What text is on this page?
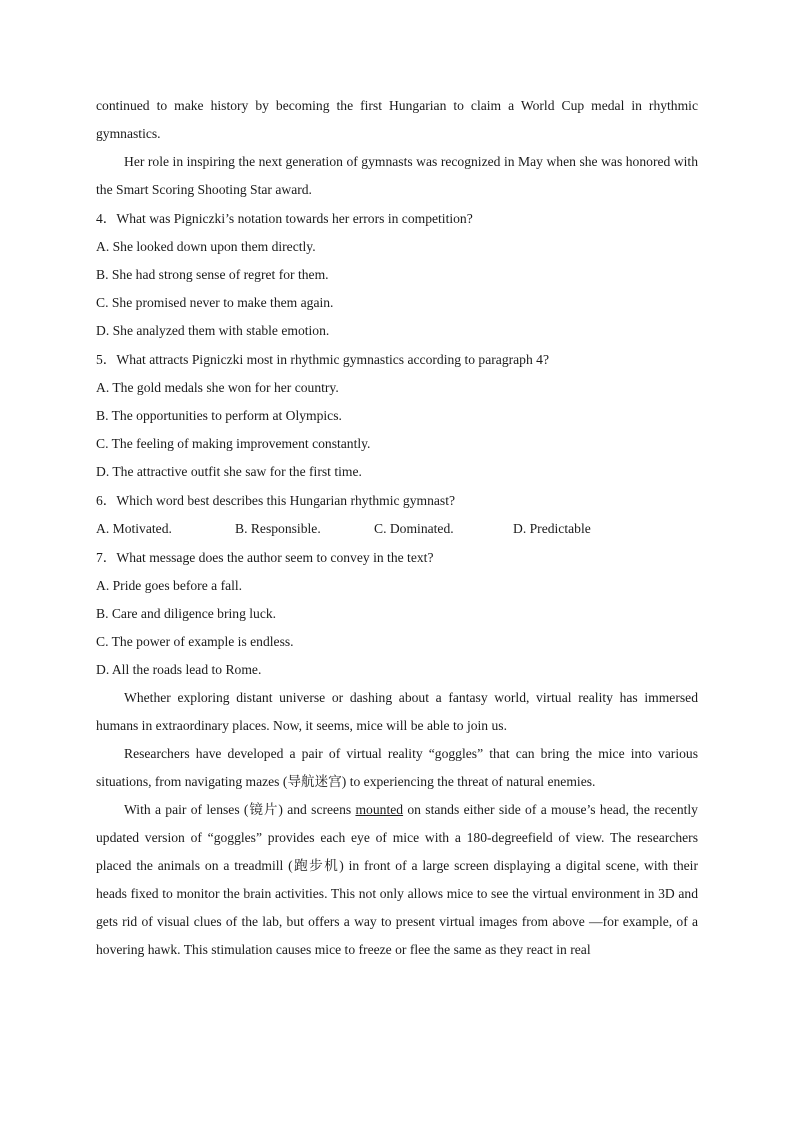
continued to make history by becoming the first Hungarian to claim a World Cup medal in rhythmic gymnastics.

Her role in inspiring the next generation of gymnasts was recognized in May when she was honored with the Smart Scoring Shooting Star award.

4．What was Pigniczki’s notation towards her errors in competition?

A. She looked down upon them directly.

B. She had strong sense of regret for them.

C. She promised never to make them again.

D. She analyzed them with stable emotion.

5．What attracts Pigniczki most in rhythmic gymnastics according to paragraph 4?

A. The gold medals she won for her country.

B. The opportunities to perform at Olympics.

C. The feeling of making improvement constantly.

D. The attractive outfit she saw for the first time.

6．Which word best describes this Hungarian rhythmic gymnast?

A. Motivated.	B. Responsible.	C. Dominated.	D. Predictable

7．What message does the author seem to convey in the text?

A. Pride goes before a fall.

B. Care and diligence bring luck.

C. The power of example is endless.

D. All the roads lead to Rome.

Whether exploring distant universe or dashing about a fantasy world, virtual reality has immersed humans in extraordinary places. Now, it seems, mice will be able to join us.

Researchers have developed a pair of virtual reality “goggles” that can bring the mice into various situations, from navigating mazes (导航迷宫) to experiencing the threat of natural enemies.

With a pair of lenses (镜片) and screens mounted on stands either side of a mouse’s head, the recently updated version of “goggles” provides each eye of mice with a 180-degreefield of view. The researchers placed the animals on a treadmill (跑步机) in front of a large screen displaying a digital scene, with their heads fixed to monitor the brain activities. This not only allows mice to see the virtual environment in 3D and gets rid of visual clues of the lab, but offers a way to present virtual images from above —for example, of a hovering hawk. This stimulation causes mice to freeze or flee the same as they react in real
